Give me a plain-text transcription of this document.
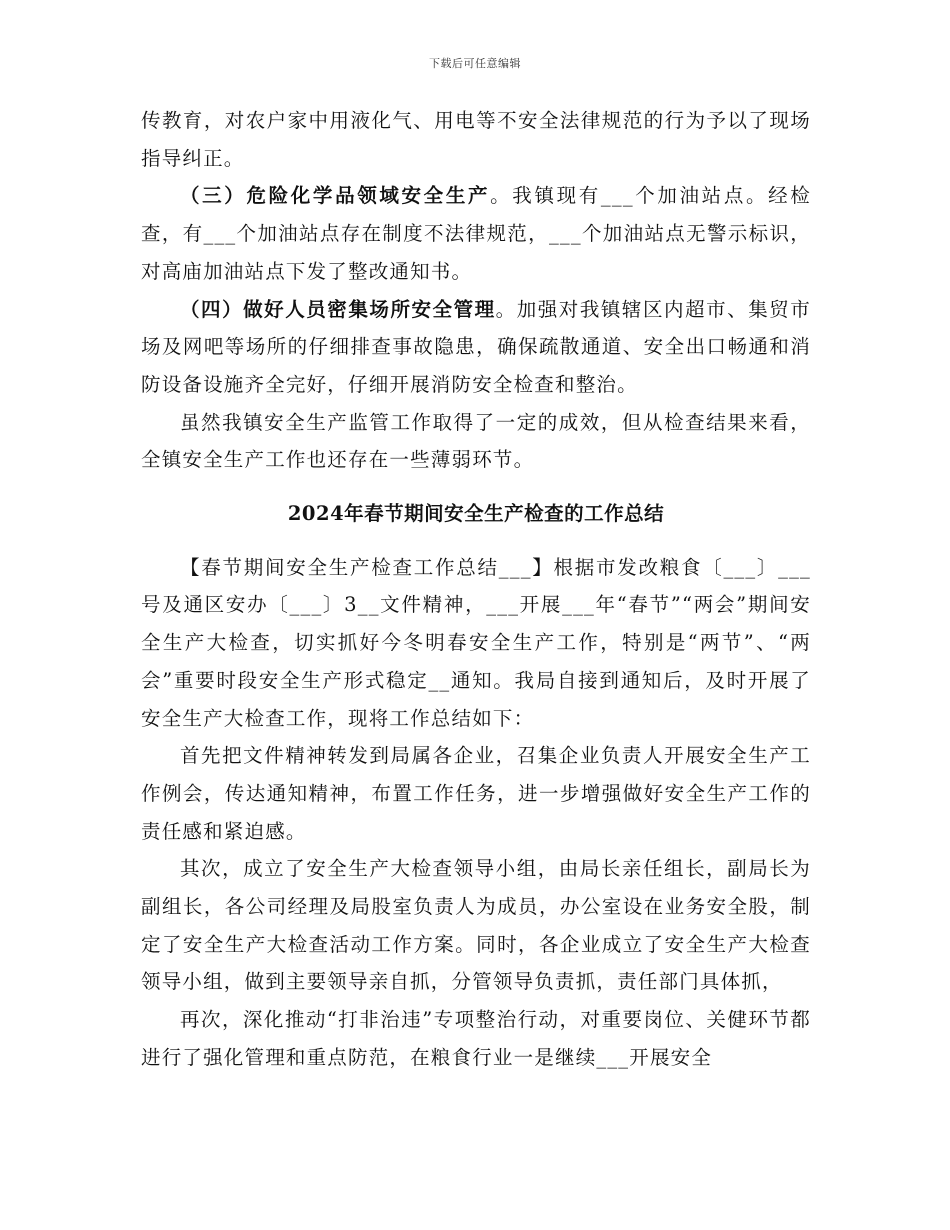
下载后可任意编辑

传教育，对农户家中用液化气、用电等不安全法律规范的行为予以了现场指导纠正。

（三）危险化学品领域安全生产。我镇现有___个加油站点。经检查，有___个加油站点存在制度不法律规范，___个加油站点无警示标识，对高庙加油站点下发了整改通知书。

（四）做好人员密集场所安全管理。加强对我镇辖区内超市、集贸市场及网吧等场所的仔细排查事故隐患，确保疏散通道、安全出口畅通和消防设备设施齐全完好，仔细开展消防安全检查和整治。

虽然我镇安全生产监管工作取得了一定的成效，但从检查结果来看，全镇安全生产工作也还存在一些薄弱环节。

2024年春节期间安全生产检查的工作总结

【春节期间安全生产检查工作总结___】根据市发改粮食〔___〕___号及通区安办〔___〕3__文件精神，___开展___年“春节”“两会”期间安全生产大检查，切实抓好今冬明春安全生产工作，特别是“两节”、“两会”重要时段安全生产形式稳定__通知。我局自接到通知后，及时开展了安全生产大检查工作，现将工作总结如下：

首先把文件精神转发到局属各企业，召集企业负责人开展安全生产工作例会，传达通知精神，布置工作任务，进一步增强做好安全生产工作的责任感和紧迫感。

其次，成立了安全生产大检查领导小组，由局长亲任组长，副局长为副组长，各公司经理及局股室负责人为成员，办公室设在业务安全股，制定了安全生产大检查活动工作方案。同时，各企业成立了安全生产大检查领导小组，做到主要领导亲自抓，分管领导负责抓，责任部门具体抓，

再次，深化推动“打非治违”专项整治行动，对重要岗位、关健环节都进行了强化管理和重点防范，在粮食行业一是继续___开展安全
